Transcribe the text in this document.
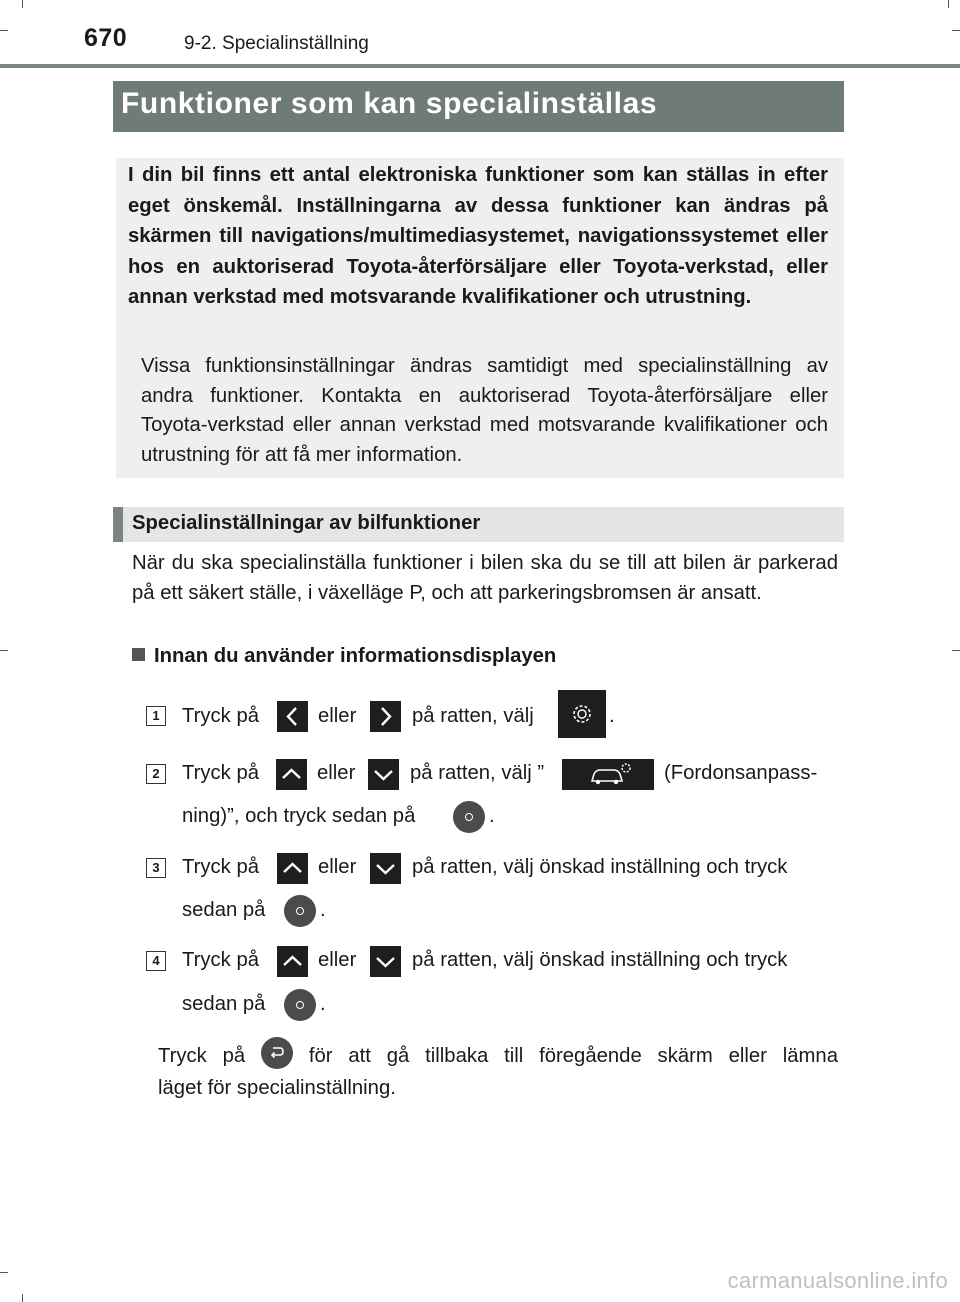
670	9-2. Specialinställning
Funktioner som kan specialinställas
I din bil finns ett antal elektroniska funktioner som kan ställas in efter eget önskemål. Inställningarna av dessa funktioner kan ändras på skärmen till navigations/multimediasystemet, navigationssystemet eller hos en auktoriserad Toyota-återförsäljare eller Toyota-verkstad, eller annan verkstad med motsvarande kvalifikationer och utrustning.
Vissa funktionsinställningar ändras samtidigt med specialinställning av andra funktioner. Kontakta en auktoriserad Toyota-återförsäljare eller Toyota-verkstad eller annan verkstad med motsvarande kvalifikationer och utrustning för att få mer information.
Specialinställningar av bilfunktioner
När du ska specialinställa funktioner i bilen ska du se till att bilen är parkerad på ett säkert ställe, i växelläge P, och att parkeringsbromsen är ansatt.
Innan du använder informationsdisplayen
1	Tryck på	eller	på ratten, välj	.
2	Tryck på	eller	på ratten, välj ”	(Fordonsanpass-
ning)”, och tryck sedan på	.
3	Tryck på	eller	på ratten, välj önskad inställning och tryck
sedan på	.
4	Tryck på	eller	på ratten, välj önskad inställning och tryck
sedan på	.
Tryck på	för att gå tillbaka till föregående skärm eller lämna
läget för specialinställning.
carmanualsonline.info
